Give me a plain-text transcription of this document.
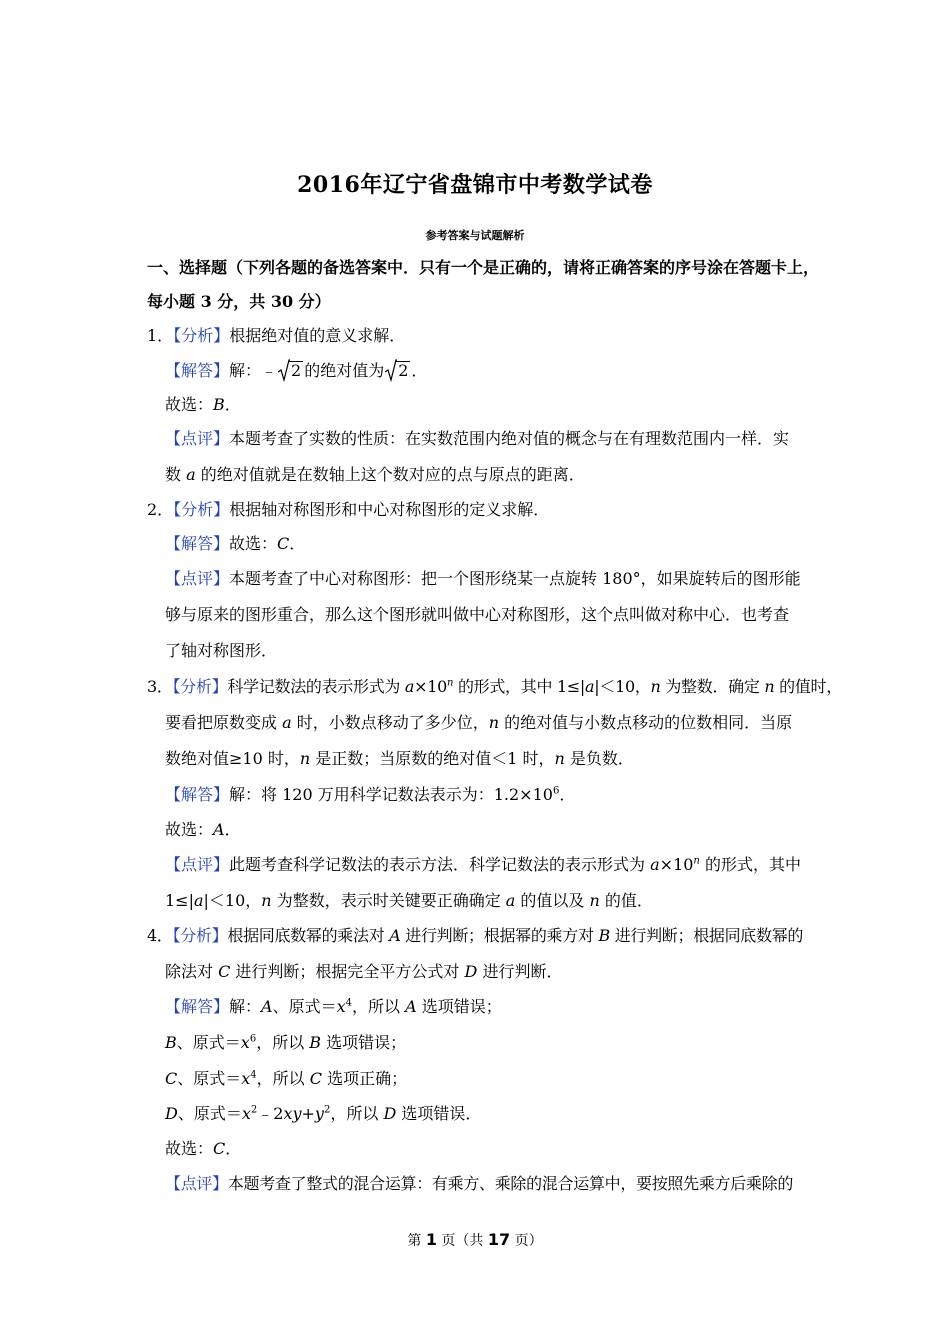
2016年辽宁省盘锦市中考数学试卷
参考答案与试题解析
一、选择题（下列各题的备选答案中．只有一个是正确的，请将正确答案的序号涂在答题卡上，
每小题 3 分，共 30 分）
1．【分析】根据绝对值的意义求解．
【解答】解：﹣ 2 的绝对值为 2 ．
故选：B．
【点评】本题考查了实数的性质：在实数范围内绝对值的概念与在有理数范围内一样．实
数 a 的绝对值就是在数轴上这个数对应的点与原点的距离．
2．【分析】根据轴对称图形和中心对称图形的定义求解．
【解答】故选：C．
【点评】本题考查了中心对称图形：把一个图形绕某一点旋转 180°，如果旋转后的图形能
够与原来的图形重合，那么这个图形就叫做中心对称图形，这个点叫做对称中心．也考查
了轴对称图形．
3．【分析】科学记数法的表示形式为 $a\times 10^n$ 的形式，其中 1≤|a|＜10，n 为整数．确定 n 的值时，
要看把原数变成 a 时，小数点移动了多少位，n 的绝对值与小数点移动的位数相同．当原
数绝对值≥10 时，n 是正数；当原数的绝对值＜1 时，n 是负数．
【解答】解：将 120 万用科学记数法表示为：$1.2\times 10^6$．
故选：A．
【点评】此题考查科学记数法的表示方法．科学记数法的表示形式为 $a\times 10^n$ 的形式，其中
1≤|a|＜10，n 为整数，表示时关键要正确确定 a 的值以及 n 的值．
4．【分析】根据同底数幂的乘法对 A 进行判断；根据幂的乘方对 B 进行判断；根据同底数幂的
除法对 C 进行判断；根据完全平方公式对 D 进行判断．
【解答】解：A、原式$=x^4$，所以 A 选项错误；
B、原式$=x^6$，所以 B 选项错误；
C、原式$=x^4$，所以 C 选项正确；
D、原式$=x^2﹣2xy+y^2$，所以 D 选项错误．
故选：C．
【点评】本题考查了整式的混合运算：有乘方、乘除的混合运算中，要按照先乘方后乘除的
第 1 页（共 17 页）
